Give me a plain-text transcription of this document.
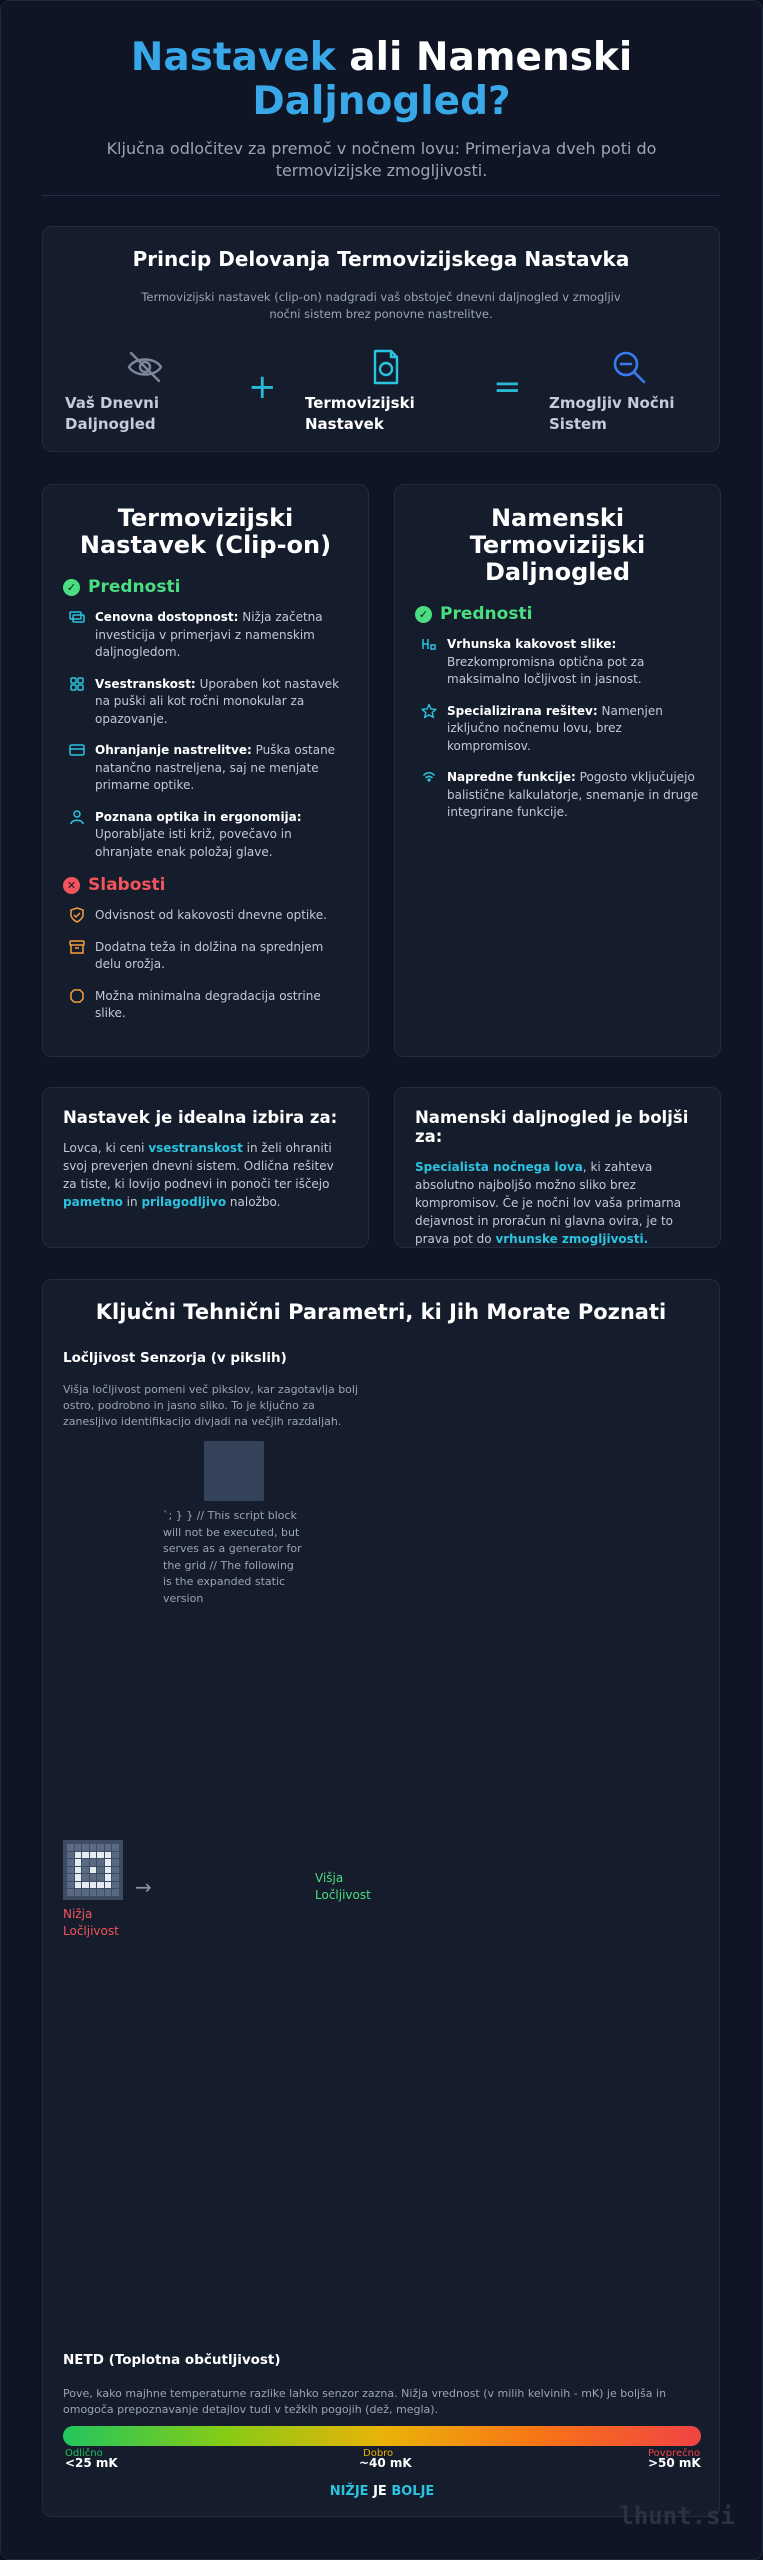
Nastavek ali Namenski
Daljnogled?

Ključna odločitev za premoč v nočnem lovu: Primerjava dveh poti do termovizijske zmogljivosti.

Princip Delovanja Termovizijskega Nastavka

Termovizijski nastavek (clip-on) nadgradi vaš obstoječ dnevni daljnogled v zmogljiv nočni sistem brez ponovne nastrelitve.

Vaš Dnevni Daljnogled
+ Termovizijski Nastavek
= Zmogljiv Nočni Sistem
Termovizijski Nastavek (Clip-on)
✓ Prednosti
Cenovna dostopnost: Nižja začetna investicija v primerjavi z namenskim daljnogledom.
Vsestranskost: Uporaben kot nastavek na puški ali kot ročni monokular za opazovanje.
Ohranjanje nastrelitve: Puška ostane natančno nastreljena, saj ne menjate primarne optike.
Poznana optika in ergonomija: Uporabljate isti križ, povečavo in ohranjate enak položaj glave.
✕ Slabosti
Odvisnost od kakovosti dnevne optike.
Dodatna teža in dolžina na sprednjem delu orožja.
Možna minimalna degradacija ostrine slike.
Namenski Termovizijski Daljnogled
✓ Prednosti
Vrhunska kakovost slike: Brezkompromisna optična pot za maksimalno ločljivost in jasnost.
Specializirana rešitev: Namenjen izključno nočnemu lovu, brez kompromisov.
Napredne funkcije: Pogosto vključujejo balistične kalkulatorje, snemanje in druge integrirane funkcije.
Nastavek je idealna izbira za:

Lovca, ki ceni vsestranskost in želi ohraniti svoj preverjen dnevni sistem. Odlična rešitev za tiste, ki lovijo podnevi in ponoči ter iščejo pametno in prilagodljivo naložbo.

Namenski daljnogled je boljši za:

Specialista nočnega lova, ki zahteva absolutno najboljšo možno sliko brez kompromisov. Če je nočni lov vaša primarna dejavnost in proračun ni glavna ovira, je to prava pot do vrhunske zmogljivosti.

Ključni Tehnični Parametri, ki Jih Morate Poznati
Ločljivost Senzorja (v pikslih)

Višja ločljivost pomeni več pikslov, kar zagotavlja bolj ostro, podrobno in jasno sliko. To je ključno za zanesljivo identifikacijo divjadi na večjih razdaljah.

`; } } // This script block will not be executed, but serves as a generator for the grid // The following is the expanded static version
→
Nižja Ločljivost
Višja Ločljivost
NETD (Toplotna občutljivost)

Pove, kako majhne temperaturne razlike lahko senzor zazna. Nižja vrednost (v milih kelvinih - mK) je boljša in omogoča prepoznavanje detajlov tudi v težkih pogojih (dež, megla).

Odlično
<25 mK
Dobro
~40 mK
Povprečno
>50 mK
NIŽJE JE BOLJE
lhunt.si
